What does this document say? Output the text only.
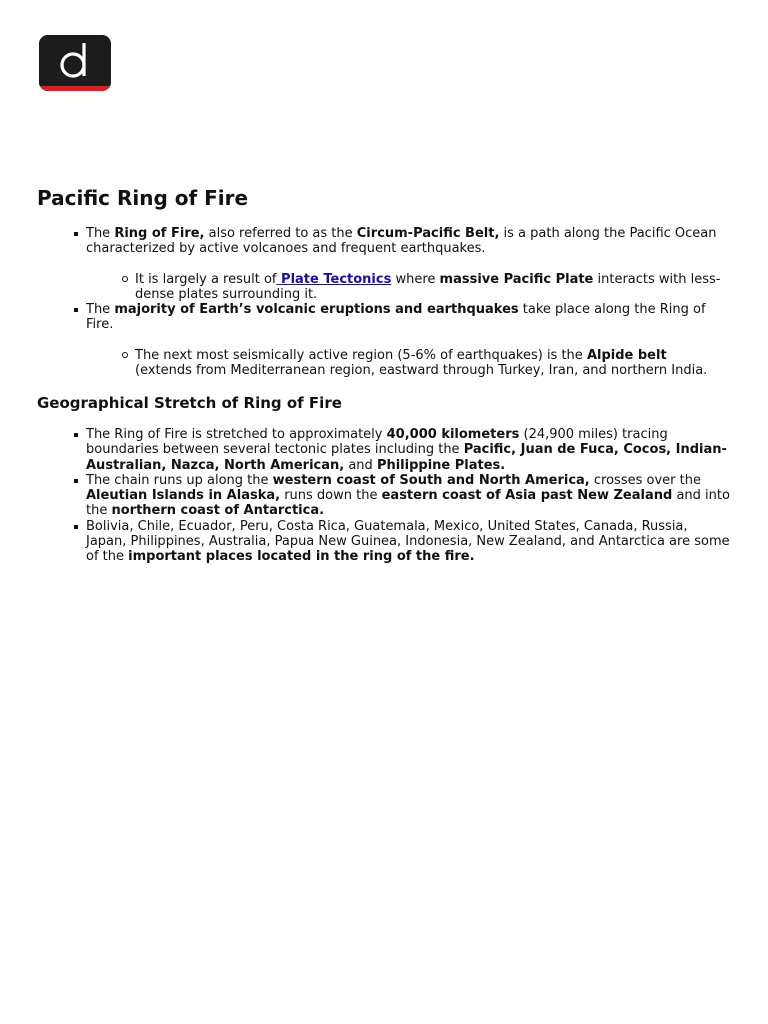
Pacific Ring of Fire
The Ring of Fire, also referred to as the Circum-Pacific Belt, is a path along the Pacific Ocean characterized by active volcanoes and frequent earthquakes.
It is largely a result of Plate Tectonics where massive Pacific Plate interacts with less-dense plates surrounding it.
The majority of Earth’s volcanic eruptions and earthquakes take place along the Ring of Fire.
The next most seismically active region (5-6% of earthquakes) is the Alpide belt (extends from Mediterranean region, eastward through Turkey, Iran, and northern India.
Geographical Stretch of Ring of Fire
The Ring of Fire is stretched to approximately 40,000 kilometers (24,900 miles) tracing boundaries between several tectonic plates including the Pacific, Juan de Fuca, Cocos, Indian-Australian, Nazca, North American, and Philippine Plates.
The chain runs up along the western coast of South and North America, crosses over the Aleutian Islands in Alaska, runs down the eastern coast of Asia past New Zealand and into the northern coast of Antarctica.
Bolivia, Chile, Ecuador, Peru, Costa Rica, Guatemala, Mexico, United States, Canada, Russia, Japan, Philippines, Australia, Papua New Guinea, Indonesia, New Zealand, and Antarctica are some of the important places located in the ring of the fire.
